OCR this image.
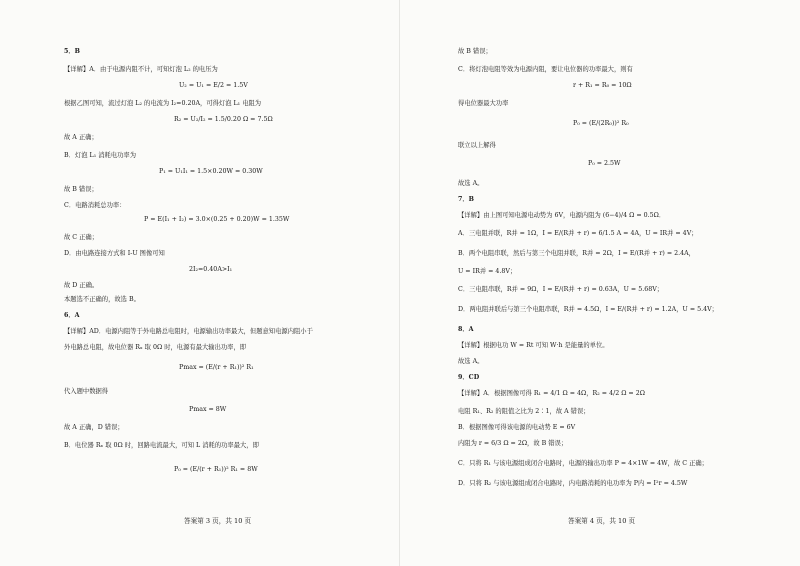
5．B
【详解】A．由于电源内阻不计，可知灯泡 L₂ 的电压为
U₂ = U₁ = E/2 = 1.5V
根据乙图可知，流过灯泡 L₂ 的电流为 I₂=0.20A，可得灯泡 L₁ 电阻为
R₂ = U₂/I₂ = 1.5/0.20 Ω = 7.5Ω
故 A 正确；
B．灯泡 L₁ 消耗电功率为
P₁ = U₁I₁ = 1.5×0.20W = 0.30W
故 B 错误；
C．电路消耗总功率：
P = E(I₁ + I₂) = 3.0×(0.25 + 0.20)W = 1.35W
故 C 正确；
D．由电路连接方式和 I-U 图像可知
2I₂=0.40A>I₁
故 D 正确。
本题选不正确的，故选 B。
6．A
【详解】AD．电源内阻等于外电路总电阻时，电源输出功率最大，但题意知电源内阻小于
外电路总电阻，故电位器 Rₓ 取 0Ω 时，电源有最大输出功率，即
Pmax = (E/(r + R₁))² R₁
代入题中数据得
Pmax = 8W
故 A 正确，D 错误；
B．电位器 Rₓ 取 0Ω 时，回路电流最大，可知 L 消耗的功率最大，即
P₀ = (E/(r + R₁))² R₁ = 8W
答案第 3 页，共 10 页
故 B 错误；
C．将灯泡电阻等效为电源内阻，要让电位器的功率最大，则有
r + R₁ = R₀ = 10Ω
得电位器最大功率
P₀ = (E/(2R₀))² R₀
联立以上解得
P₀ = 2.5W
故选 A。
7．B
【详解】由上图可知电源电动势为 6V，电源内阻为 (6−4)/4 Ω = 0.5Ω．
A．三电阻并联，R并 = 1Ω，I = E/(R并 + r) = 6/1.5 A = 4A，U = IR并 = 4V；
B．两个电阻串联，然后与第三个电阻并联，R并 = 2Ω，I = E/(R并 + r) = 2.4A，
U = IR并 = 4.8V；
C．三电阻串联，R并 = 9Ω，I = E/(R并 + r) = 0.63A，U = 5.68V；
D．两电阻并联后与第三个电阻串联，R并 = 4.5Ω，I = E/(R并 + r) = 1.2A，U = 5.4V；
8．A
【详解】根据电功 W = Rt 可知 W·h 是能量的单位。
故选 A。
9．CD
【详解】A．根据图像可得 R₁ = 4/1 Ω = 4Ω，R₂ = 4/2 Ω = 2Ω
电阻 R₁、R₂ 的阻值之比为 2∶1，故 A 错误；
B．根据图像可得该电源的电动势 E = 6V
内阻为 r = 6/3 Ω = 2Ω，故 B 错误；
C．只将 R₁ 与该电源组成闭合电路时，电源的输出功率 P = 4×1W = 4W，故 C 正确；
D．只将 R₂ 与该电源组成闭合电路时，内电路消耗的电功率为 P内 = I²r = 4.5W
答案第 4 页，共 10 页
